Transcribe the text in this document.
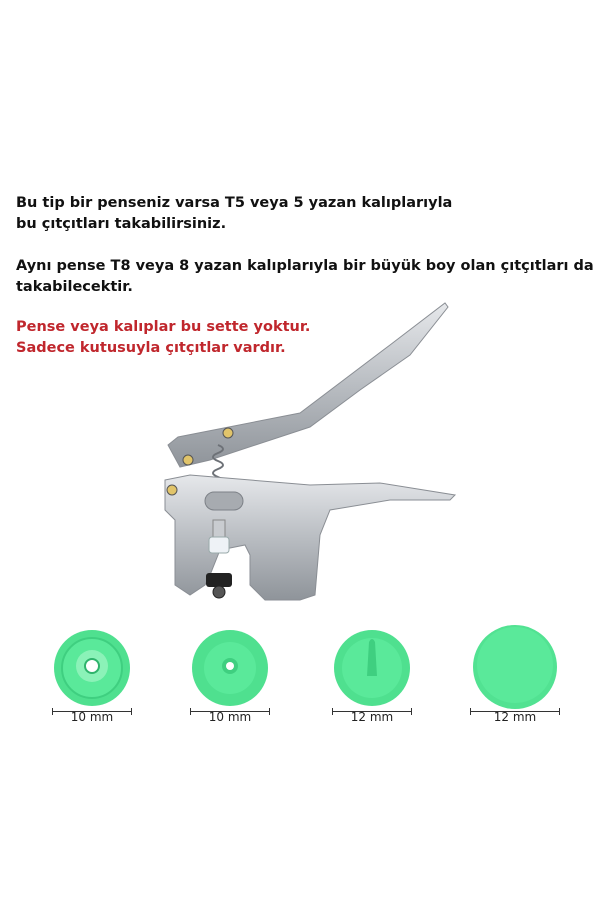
Bu tip bir penseniz varsa T5 veya 5 yazan kalıplarıyla
bu çıtçıtları takabilirsiniz.
Aynı pense T8 veya 8 yazan kalıplarıyla bir büyük boy olan çıtçıtları da
takabilecektir.
Pense veya kalıplar bu sette yoktur.
Sadece kutusuyla çıtçıtlar vardır.
10 mm	10 mm	12 mm	12 mm
